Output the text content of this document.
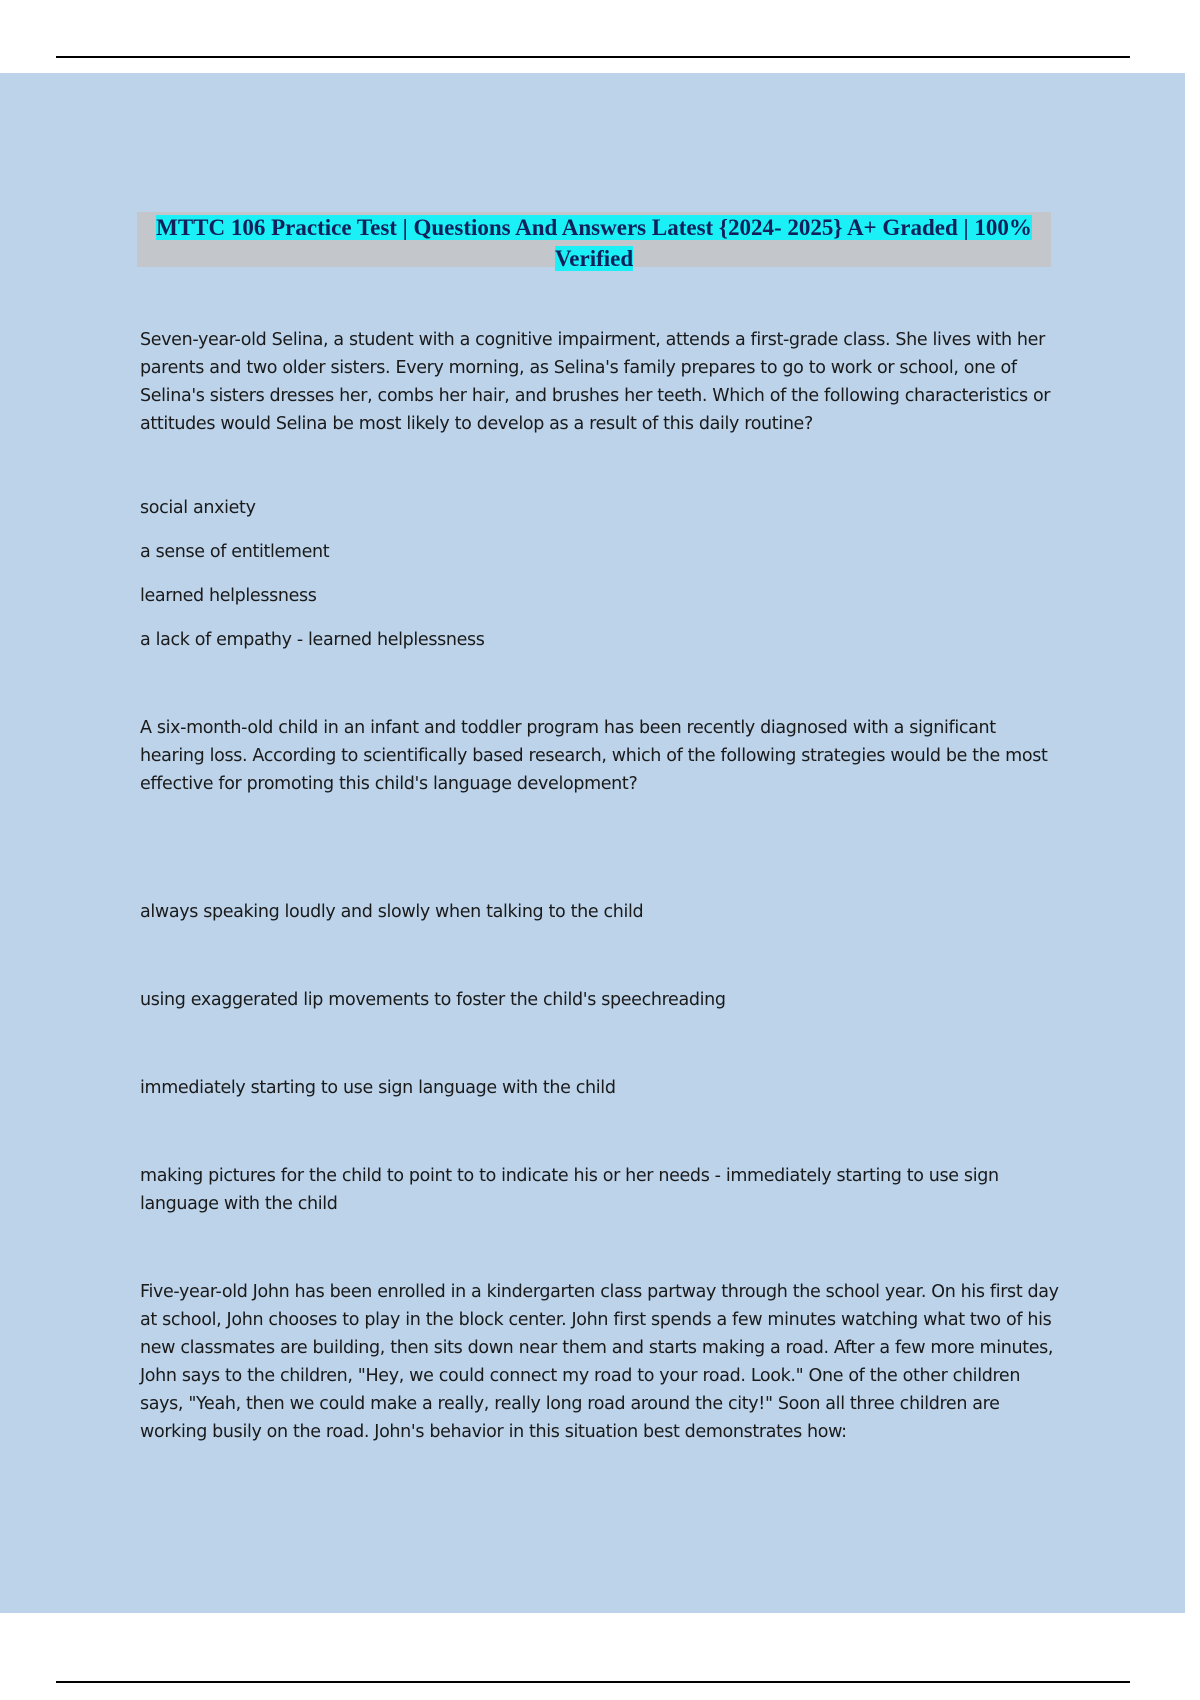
MTTC 106 Practice Test | Questions And Answers Latest {2024- 2025} A+ Graded | 100% Verified

Seven-year-old Selina, a student with a cognitive impairment, attends a first-grade class. She lives with her parents and two older sisters. Every morning, as Selina's family prepares to go to work or school, one of Selina's sisters dresses her, combs her hair, and brushes her teeth. Which of the following characteristics or attitudes would Selina be most likely to develop as a result of this daily routine?

social anxiety

a sense of entitlement

learned helplessness

a lack of empathy - learned helplessness

A six-month-old child in an infant and toddler program has been recently diagnosed with a significant hearing loss. According to scientifically based research, which of the following strategies would be the most effective for promoting this child's language development?

always speaking loudly and slowly when talking to the child

using exaggerated lip movements to foster the child's speechreading

immediately starting to use sign language with the child

making pictures for the child to point to to indicate his or her needs - immediately starting to use sign language with the child

Five-year-old John has been enrolled in a kindergarten class partway through the school year. On his first day at school, John chooses to play in the block center. John first spends a few minutes watching what two of his new classmates are building, then sits down near them and starts making a road. After a few more minutes, John says to the children, "Hey, we could connect my road to your road. Look." One of the other children says, "Yeah, then we could make a really, really long road around the city!" Soon all three children are working busily on the road. John's behavior in this situation best demonstrates how:
